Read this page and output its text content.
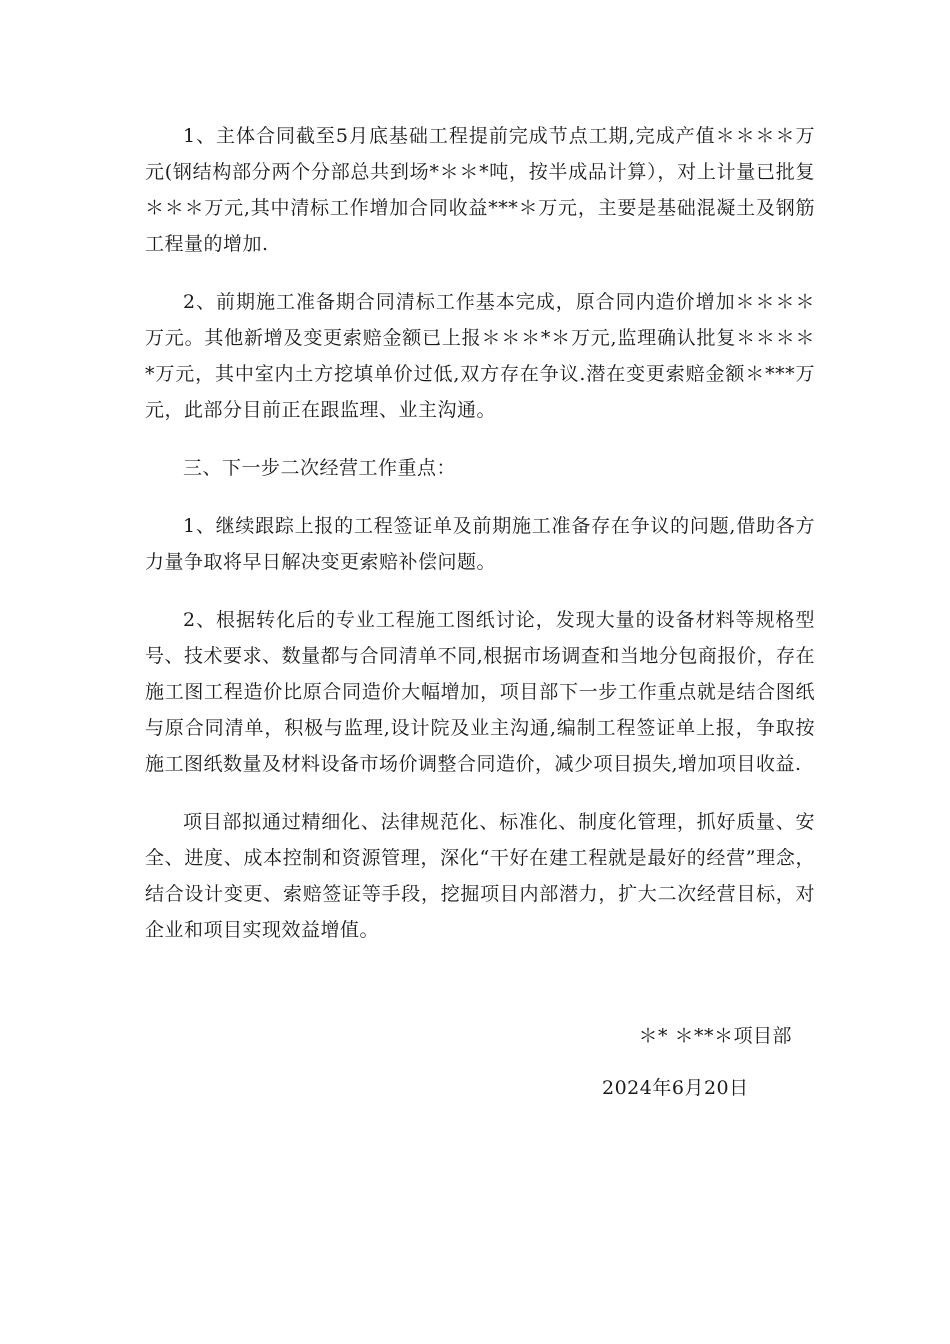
1、主体合同截至5月底基础工程提前完成节点工期,完成产值＊＊＊＊万元(钢结构部分两个分部总共到场*＊＊*吨，按半成品计算），对上计量已批复＊＊＊万元,其中清标工作增加合同收益***＊万元，主要是基础混凝土及钢筋工程量的增加.

2、前期施工准备期合同清标工作基本完成，原合同内造价增加＊＊＊＊万元。其他新增及变更索赔金额已上报＊＊＊*＊万元,监理确认批复＊＊＊＊*万元，其中室内土方挖填单价过低,双方存在争议.潜在变更索赔金额＊***万元，此部分目前正在跟监理、业主沟通。

三、下一步二次经营工作重点：

1、继续跟踪上报的工程签证单及前期施工准备存在争议的问题,借助各方力量争取将早日解决变更索赔补偿问题。

2、根据转化后的专业工程施工图纸讨论，发现大量的设备材料等规格型号、技术要求、数量都与合同清单不同,根据市场调查和当地分包商报价，存在施工图工程造价比原合同造价大幅增加，项目部下一步工作重点就是结合图纸与原合同清单，积极与监理,设计院及业主沟通,编制工程签证单上报，争取按施工图纸数量及材料设备市场价调整合同造价，减少项目损失,增加项目收益.

项目部拟通过精细化、法律规范化、标准化、制度化管理，抓好质量、安全、进度、成本控制和资源管理，深化“干好在建工程就是最好的经营”理念，结合设计变更、索赔签证等手段，挖掘项目内部潜力，扩大二次经营目标，对企业和项目实现效益增值。

＊* ＊**＊项目部
2024年6月20日
